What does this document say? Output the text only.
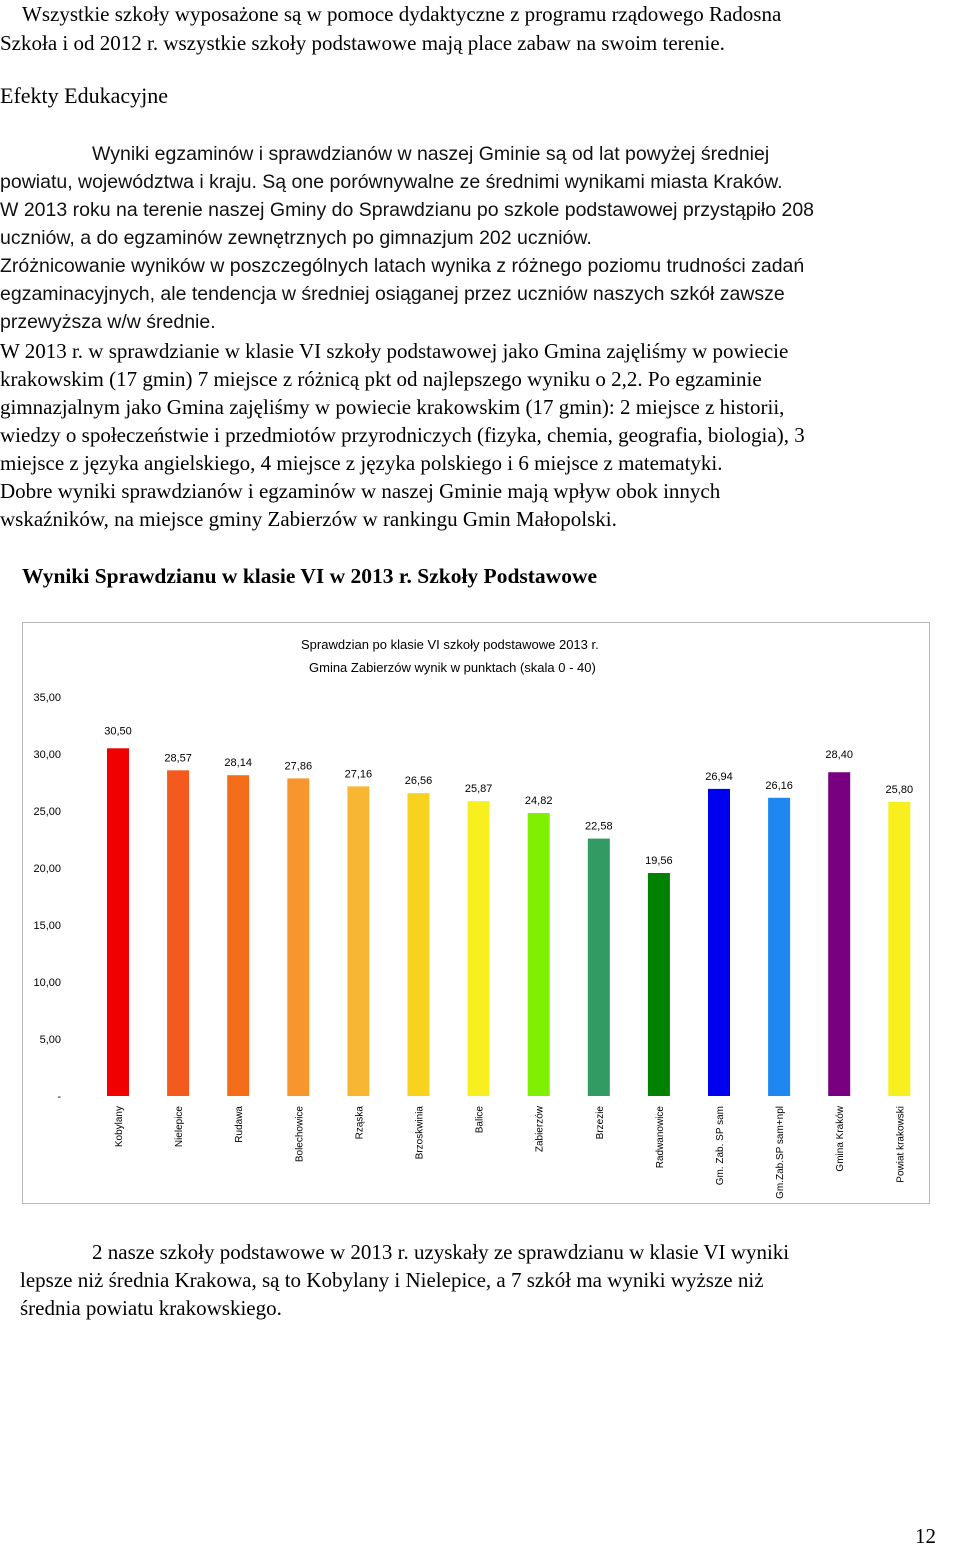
Wszystkie szkoły wyposażone są w pomoce dydaktyczne z programu rządowego Radosna
Szkoła i od 2012 r. wszystkie szkoły podstawowe mają place zabaw na swoim terenie.
Efekty Edukacyjne
Wyniki egzaminów i sprawdzianów w naszej Gminie są od lat powyżej średniej
powiatu, województwa i kraju. Są one porównywalne ze średnimi wynikami miasta Kraków.
W 2013 roku na terenie naszej Gminy do Sprawdzianu po szkole podstawowej przystąpiło 208
uczniów, a do egzaminów zewnętrznych po gimnazjum 202 uczniów.
Zróżnicowanie wyników w poszczególnych latach wynika z różnego poziomu trudności zadań
egzaminacyjnych, ale tendencja w średniej osiąganej przez uczniów naszych szkół zawsze
przewyższa w/w średnie.
W 2013 r. w sprawdzianie w klasie VI szkoły podstawowej jako Gmina zajęliśmy w powiecie
krakowskim (17 gmin) 7 miejsce z różnicą pkt od najlepszego wyniku o 2,2. Po egzaminie
gimnazjalnym jako Gmina zajęliśmy w powiecie krakowskim (17 gmin): 2 miejsce z historii,
wiedzy o społeczeństwie i przedmiotów przyrodniczych (fizyka, chemia, geografia, biologia), 3
miejsce z języka angielskiego, 4 miejsce z języka polskiego i 6 miejsce z matematyki.
Dobre wyniki sprawdzianów i egzaminów w naszej Gminie mają wpływ obok innych
wskaźników, na miejsce gminy Zabierzów w rankingu Gmin Małopolski.
Wyniki Sprawdzianu w klasie VI w 2013 r. Szkoły Podstawowe
Sprawdzian po klasie VI szkoły podstawowe 2013 r.
Gmina Zabierzów wynik w punktach (skala 0 - 40)
-
5,00
10,00
15,00
20,00
25,00
30,00
35,00
30,50
28,57	28,14	27,86
27,16
26,56
25,87
24,82
22,58
19,56
26,94
26,16
28,40
25,80
Kobylany	Nielepice	Rudawa	Bolechowice	Rząska	Brzoskwinia	Balice	Zabierzów	Brzezie	Radwanowice	Gm. Zab. SP sam	Gm.Zab.SP sam+npl	Gmina Kraków	Powiat krakowski
2 nasze szkoły podstawowe w 2013 r. uzyskały ze sprawdzianu w klasie VI wyniki
lepsze niż średnia Krakowa, są to Kobylany i Nielepice, a 7 szkół ma wyniki wyższe niż
średnia powiatu krakowskiego.
12
